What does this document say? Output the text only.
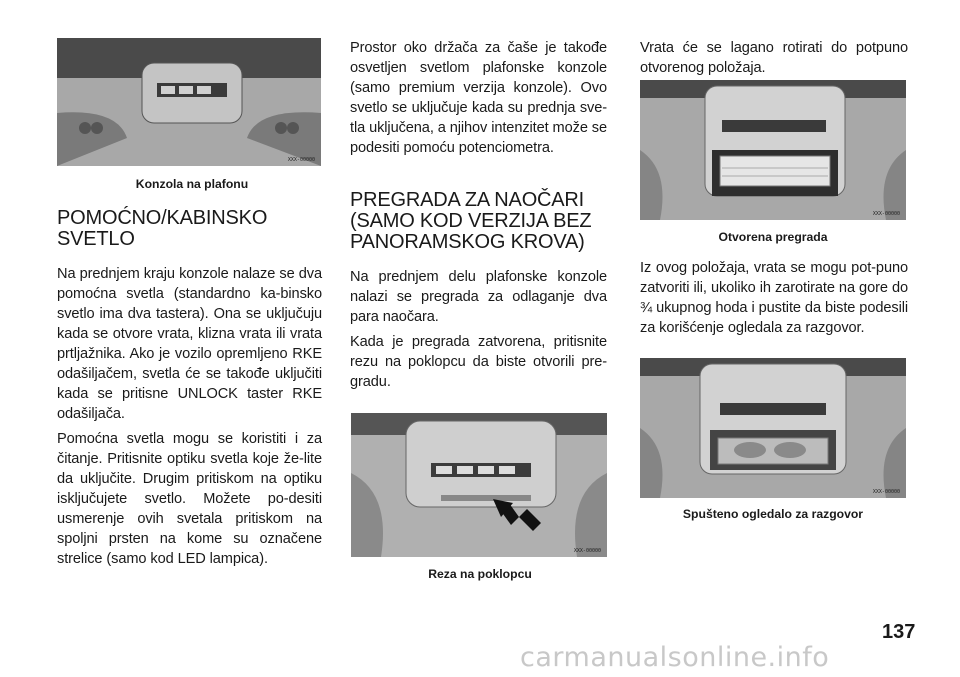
XXX-00000

Konzola na plafonu

POMOĆNO/KABINSKO SVETLO

Na prednjem kraju konzole nalaze se dva pomoćna svetla (standardno ka-binsko svetlo ima dva tastera). Ona se uključuju kada se otvore vrata, klizna vrata ili vrata prtljažnika. Ako je vozilo opremljeno RKE odašiljačem, svetla će se takođe uključiti kada se pritisne UNLOCK taster RKE odašiljača.

Pomoćna svetla mogu se koristiti i za čitanje. Pritisnite optiku svetla koje že-lite da uključite. Drugim pritiskom na optiku isključujete svetlo. Možete po-desiti usmerenje ovih svetala pritiskom na spoljni prsten na kome su označene strelice (samo kod LED lampica).

Prostor oko držača za čaše je takođe osvetljen svetlom plafonske konzole (samo premium verzija konzole). Ovo svetlo se uključuje kada su prednja sve-tla uključena, a njihov intenzitet može se podesiti pomoću potenciometra.

PREGRADA ZA NAOČARI (SAMO KOD VERZIJA BEZ PANORAMSKOG KROVA)

Na prednjem delu plafonske konzole nalazi se pregrada za odlaganje dva para naočara.

Kada je pregrada zatvorena, pritisnite rezu na poklopcu da biste otvorili pre-gradu.

XXX-00000

Reza na poklopcu

Vrata će se lagano rotirati do potpuno otvorenog položaja.

XXX-00000

Otvorena pregrada

Iz ovog položaja, vrata se mogu pot-puno zatvoriti ili, ukoliko ih zarotirate na gore do ¾ ukupnog hoda i pustite da biste podesili za korišćenje ogledala za razgovor.

XXX-00000

Spušteno ogledalo za razgovor

137
carmanualsonline.info
